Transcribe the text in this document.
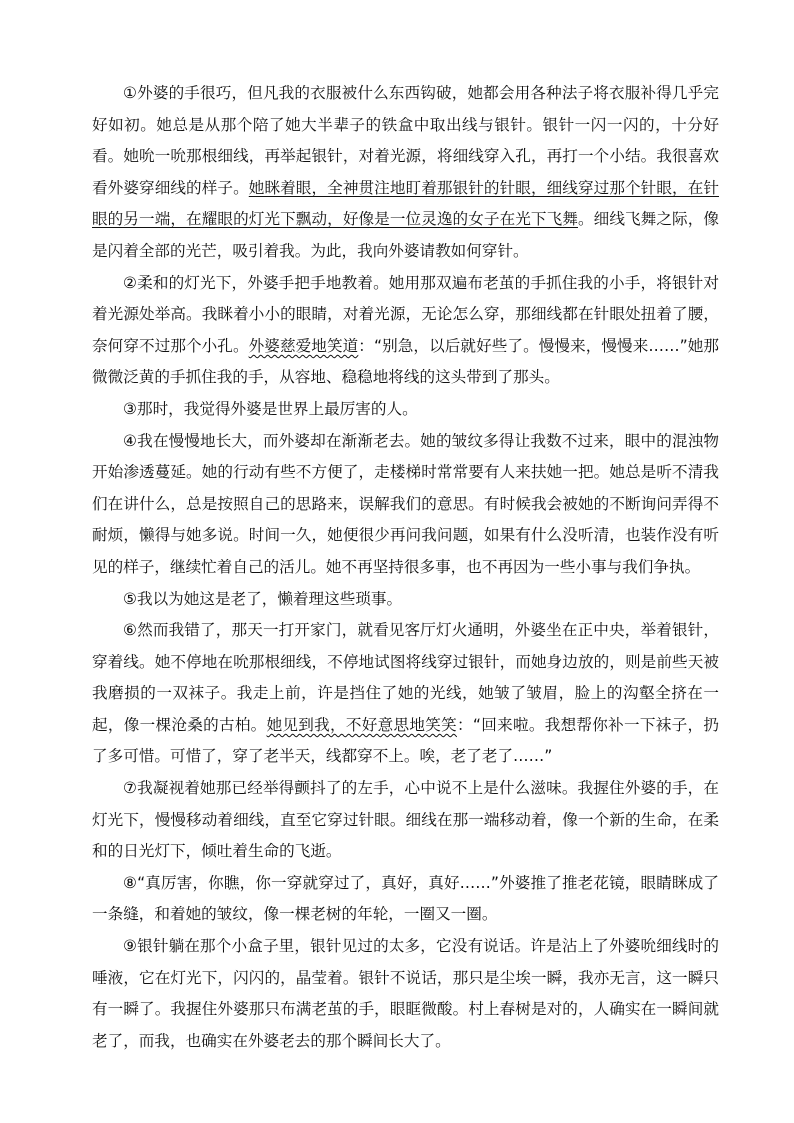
①外婆的手很巧，但凡我的衣服被什么东西钩破，她都会用各种法子将衣服补得几乎完好如初。她总是从那个陪了她大半辈子的铁盒中取出线与银针。银针一闪一闪的，十分好看。她吮一吮那根细线，再举起银针，对着光源，将细线穿入孔，再打一个小结。我很喜欢看外婆穿细线的样子。她眯着眼，全神贯注地盯着那银针的针眼，细线穿过那个针眼，在针眼的另一端，在耀眼的灯光下飘动，好像是一位灵逸的女子在光下飞舞。细线飞舞之际，像是闪着全部的光芒，吸引着我。为此，我向外婆请教如何穿针。

②柔和的灯光下，外婆手把手地教着。她用那双遍布老茧的手抓住我的小手，将银针对着光源处举高。我眯着小小的眼睛，对着光源，无论怎么穿，那细线都在针眼处扭着了腰，奈何穿不过那个小孔。外婆慈爱地笑道：“别急，以后就好些了。慢慢来，慢慢来……”她那微微泛黄的手抓住我的手，从容地、稳稳地将线的这头带到了那头。

③那时，我觉得外婆是世界上最厉害的人。

④我在慢慢地长大，而外婆却在渐渐老去。她的皱纹多得让我数不过来，眼中的混浊物开始渗透蔓延。她的行动有些不方便了，走楼梯时常常要有人来扶她一把。她总是听不清我们在讲什么，总是按照自己的思路来，误解我们的意思。有时候我会被她的不断询问弄得不耐烦，懒得与她多说。时间一久，她便很少再问我问题，如果有什么没听清，也装作没有听见的样子，继续忙着自己的活儿。她不再坚持很多事，也不再因为一些小事与我们争执。

⑤我以为她这是老了，懒着理这些琐事。

⑥然而我错了，那天一打开家门，就看见客厅灯火通明，外婆坐在正中央，举着银针，穿着线。她不停地在吮那根细线，不停地试图将线穿过银针，而她身边放的，则是前些天被我磨损的一双袜子。我走上前，许是挡住了她的光线，她皱了皱眉，脸上的沟壑全挤在一起，像一棵沧桑的古柏。她见到我，不好意思地笑笑：“回来啦。我想帮你补一下袜子，扔了多可惜。可惜了，穿了老半天，线都穿不上。唉，老了老了……”

⑦我凝视着她那已经举得颤抖了的左手，心中说不上是什么滋味。我握住外婆的手，在灯光下，慢慢移动着细线，直至它穿过针眼。细线在那一端移动着，像一个新的生命，在柔和的日光灯下，倾吐着生命的飞逝。

⑧“真厉害，你瞧，你一穿就穿过了，真好，真好……”外婆推了推老花镜，眼睛眯成了一条缝，和着她的皱纹，像一棵老树的年轮，一圈又一圈。

⑨银针躺在那个小盒子里，银针见过的太多，它没有说话。许是沾上了外婆吮细线时的唾液，它在灯光下，闪闪的，晶莹着。银针不说话，那只是尘埃一瞬，我亦无言，这一瞬只有一瞬了。我握住外婆那只布满老茧的手，眼眶微酸。村上春树是对的，人确实在一瞬间就老了，而我，也确实在外婆老去的那个瞬间长大了。
